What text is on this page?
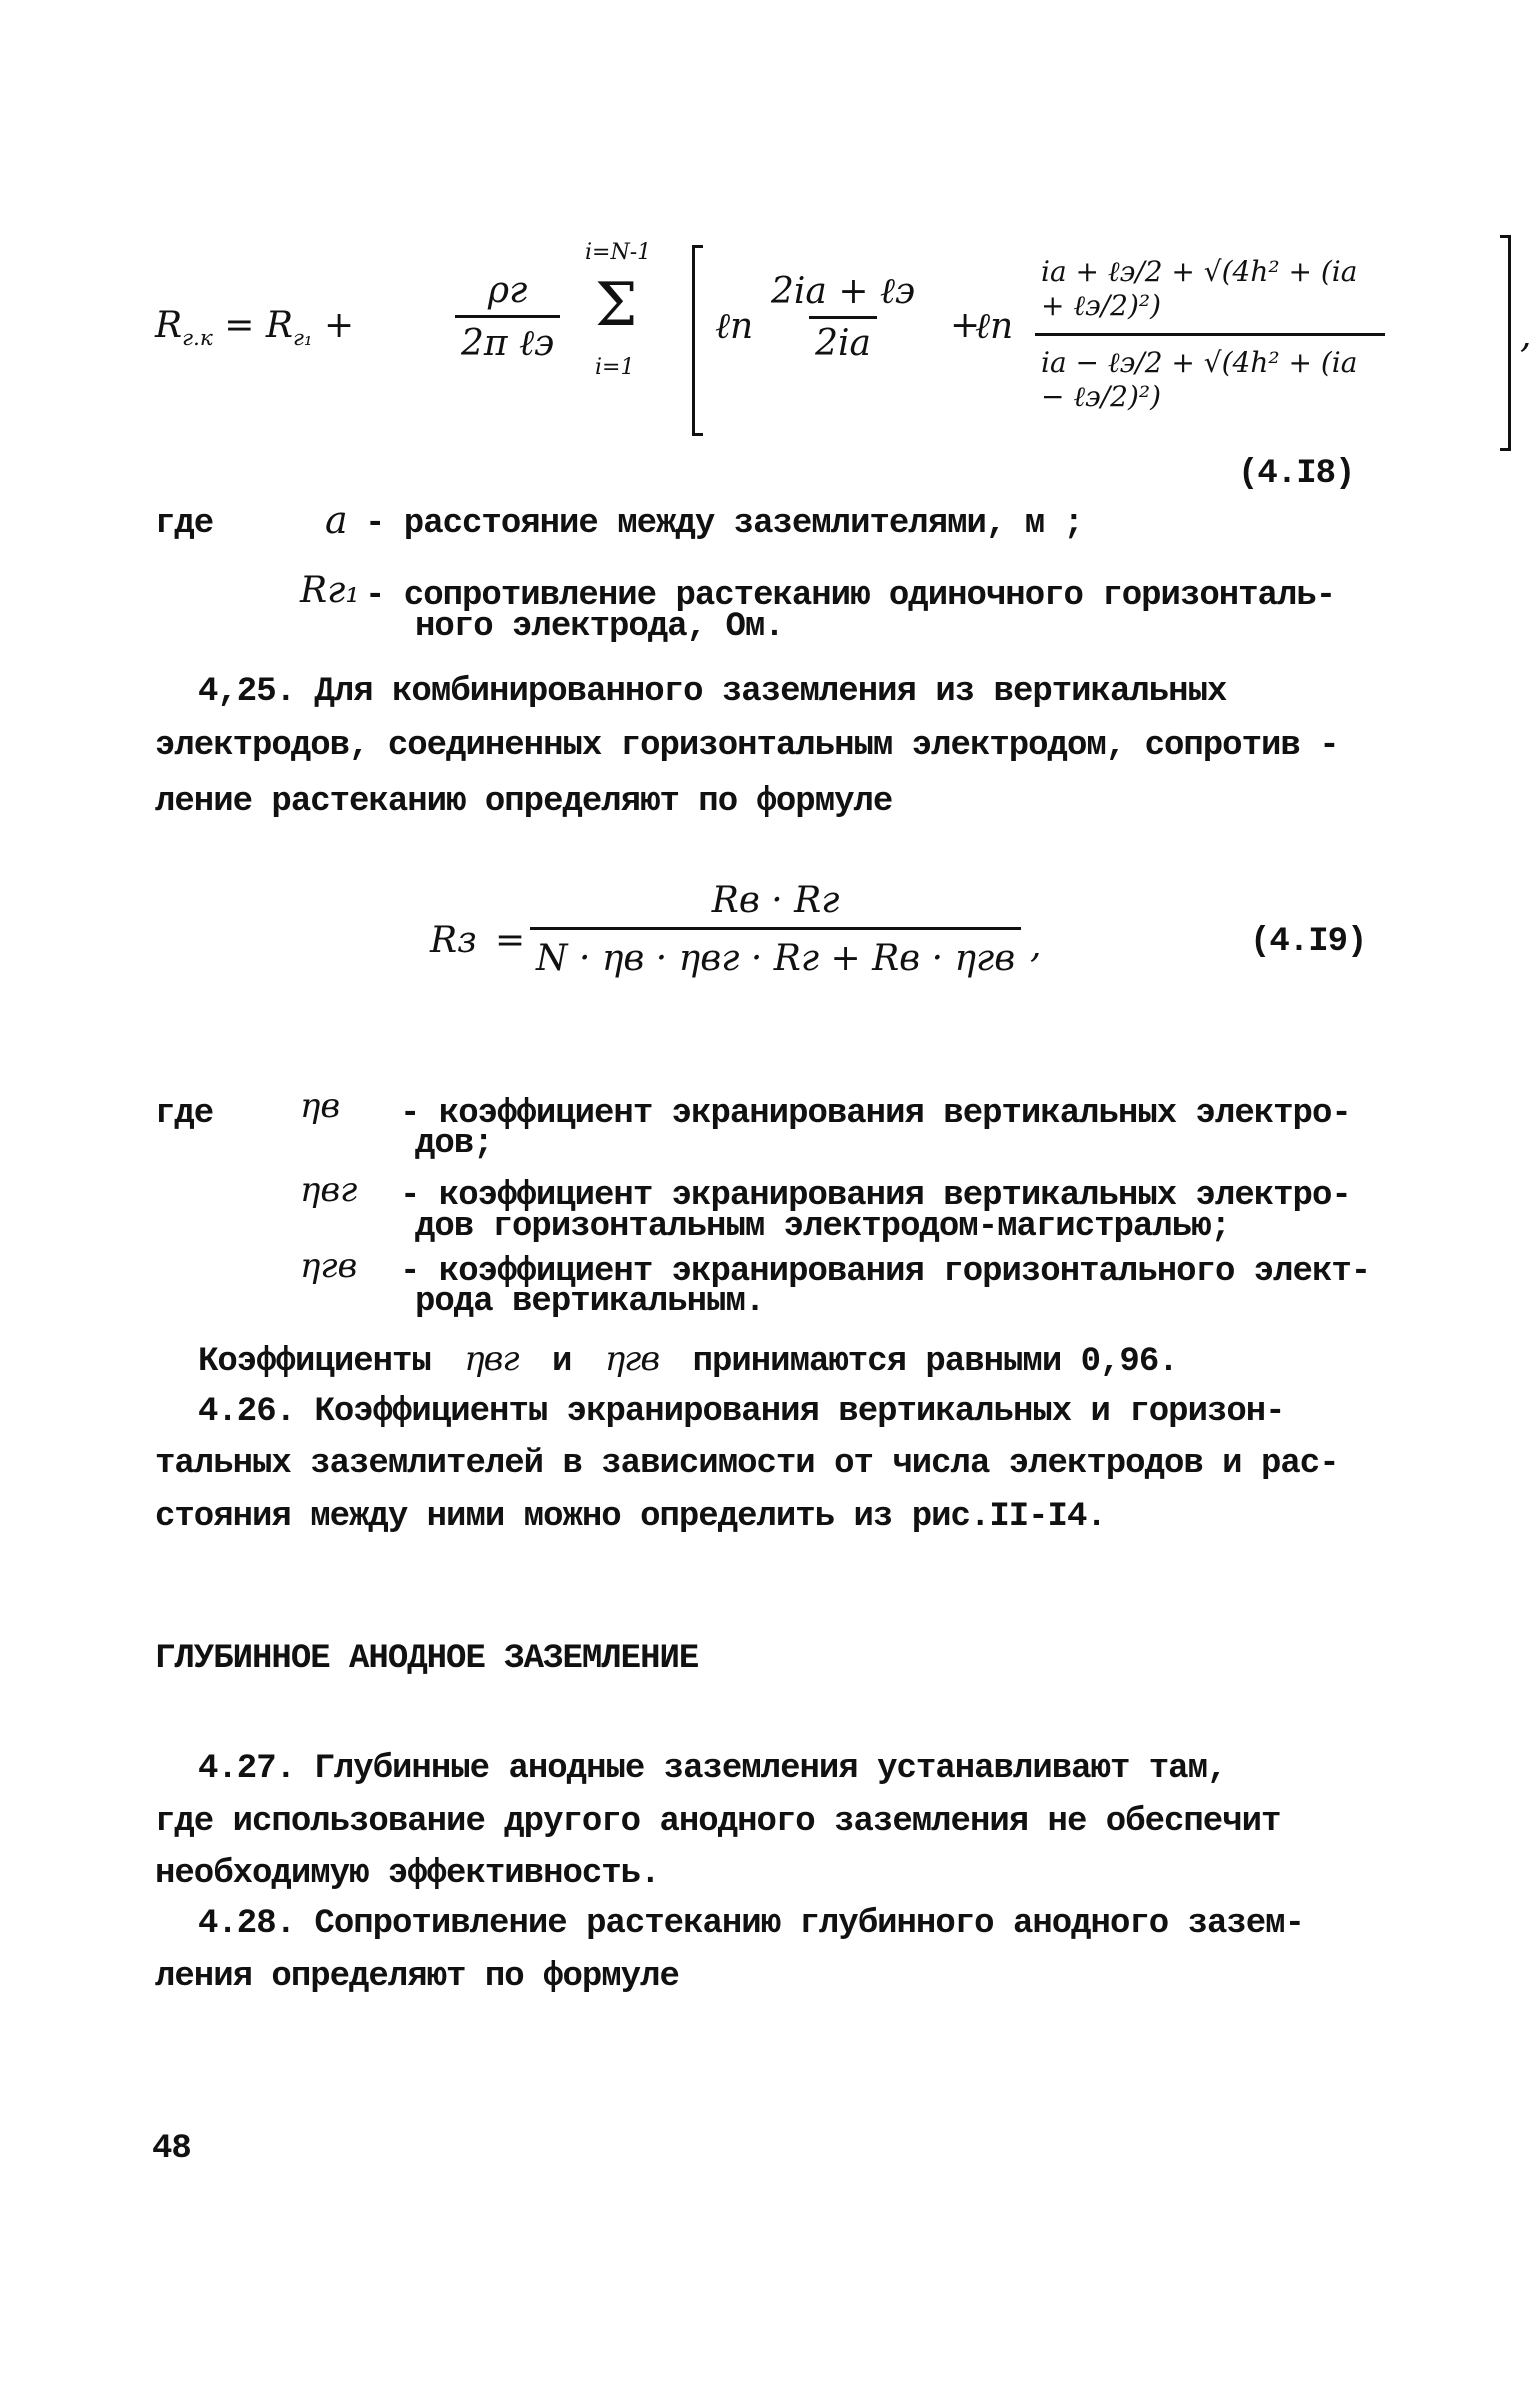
$R_{г.к} = R_{г_1}$ +
ρг
2π ℓэ
i=N-1
Σ
i=1
ℓn
2ia + ℓэ
2ia +
ℓn
ia + ℓэ/2 + √(4h² + (ia + ℓэ/2)²)
ia − ℓэ/2 + √(4h² + (ia − ℓэ/2)²)
,
(4.I8)
где	a - расстояние между заземлителями, м ;
Rг₁ - сопротивление растеканию одиночного горизонталь-
ного электрода, Ом.
4,25. Для комбинированного заземления из вертикальных
электродов, соединенных горизонтальным электродом, сопротив -
ление растеканию определяют по формуле
Rз =
Rв · Rг
N · ηв · ηвг · Rг + Rв · ηгв ,	(4.I9)
где	ηв - коэффициент экранирования вертикальных электро-
дов;
ηвг - коэффициент экранирования вертикальных электро-
дов горизонтальным электродом-магистралью;
ηгв - коэффициент экранирования горизонтального элект-
рода вертикальным.
Коэффициенты ηвг и ηгв принимаются равными 0,96.
4.26. Коэффициенты экранирования вертикальных и горизон-
тальных заземлителей в зависимости от числа электродов и рас-
стояния между ними можно определить из рис.II-I4.
ГЛУБИННОЕ АНОДНОЕ ЗАЗЕМЛЕНИЕ
4.27. Глубинные анодные заземления устанавливают там,
где использование другого анодного заземления не обеспечит
необходимую эффективность.
4.28. Сопротивление растеканию глубинного анодного зазем-
ления определяют по формуле
48
